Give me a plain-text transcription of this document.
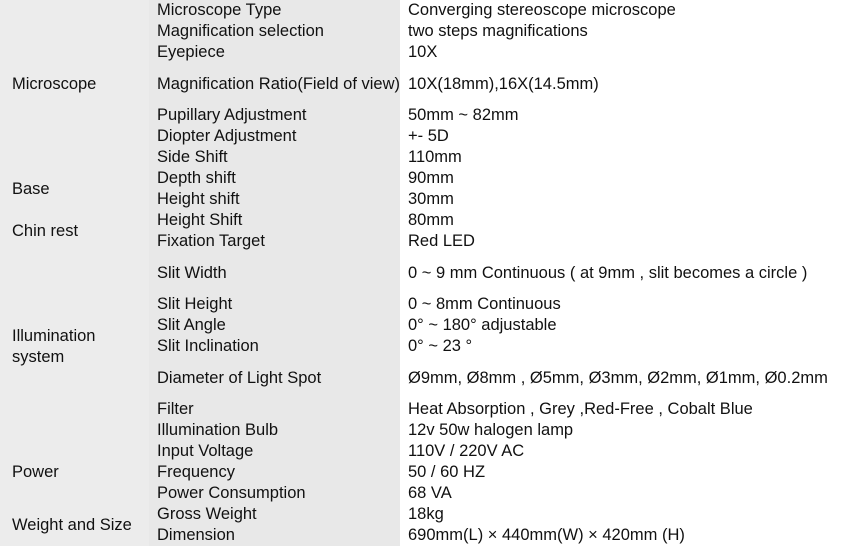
Microscope	Microscope Type	Converging stereoscope microscope
	Magnification selection	two steps magnifications
	Eyepiece	10X
	Magnification Ratio(Field of view)	10X(18mm),16X(14.5mm)
	Pupillary Adjustment	50mm ~ 82mm
	Diopter Adjustment	+- 5D
	Side Shift	110mm
Base	Depth shift	90mm
	Height shift	30mm
Chin rest	Height Shift	80mm
	Fixation Target	Red LED
Illumination system	Slit Width	0 ~ 9 mm Continuous ( at 9mm , slit becomes a circle )
	Slit Height	0 ~ 8mm Continuous
	Slit Angle	0° ~ 180° adjustable
	Slit Inclination	0° ~ 23 °
	Diameter of Light Spot	Ø9mm, Ø8mm , Ø5mm, Ø3mm, Ø2mm, Ø1mm, Ø0.2mm
	Filter	Heat Absorption , Grey ,Red-Free , Cobalt Blue
	Illumination Bulb	12v 50w halogen lamp
Power	Input Voltage	110V / 220V AC
	Frequency	50 / 60 HZ
	Power Consumption	68 VA
Weight and Size	Gross Weight	18kg
	Dimension	690mm(L) × 440mm(W) × 420mm (H)
